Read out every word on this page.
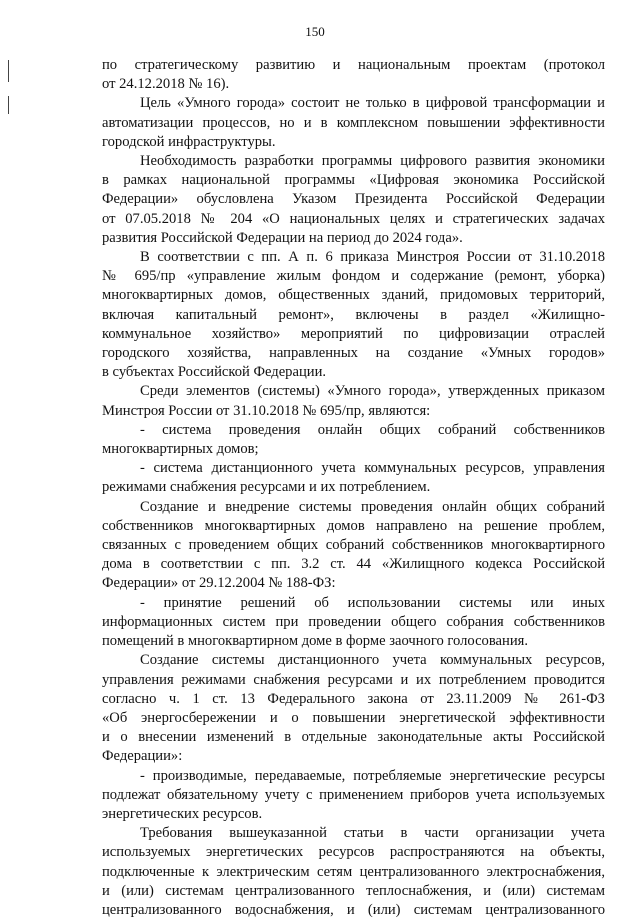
150
по стратегическому развитию и национальным проектам (протокол
от 24.12.2018 № 16).
Цель «Умного города» состоит не только в цифровой трансформации и
автоматизации процессов, но и в комплексном повышении эффективности
городской инфраструктуры.
Необходимость разработки программы цифрового развития экономики
в рамках национальной программы «Цифровая экономика Российской
Федерации» обусловлена Указом Президента Российской Федерации
от 07.05.2018 № 204 «О национальных целях и стратегических задачах
развития Российской Федерации на период до 2024 года».
В соответствии с пп. А п. 6 приказа Минстроя России от 31.10.2018
№ 695/пр «управление жилым фондом и содержание (ремонт, уборка)
многоквартирных домов, общественных зданий, придомовых территорий,
включая капитальный ремонт», включены в раздел «Жилищно-
коммунальное хозяйство» мероприятий по цифровизации отраслей
городского хозяйства, направленных на создание «Умных городов»
в субъектах Российской Федерации.
Среди элементов (системы) «Умного города», утвержденных приказом
Минстроя России от 31.10.2018 № 695/пр, являются:
- система проведения онлайн общих собраний собственников
многоквартирных домов;
- система дистанционного учета коммунальных ресурсов, управления
режимами снабжения ресурсами и их потреблением.
Создание и внедрение системы проведения онлайн общих собраний
собственников многоквартирных домов направлено на решение проблем,
связанных с проведением общих собраний собственников многоквартирного
дома в соответствии с пп. 3.2 ст. 44 «Жилищного кодекса Российской
Федерации» от 29.12.2004 № 188-ФЗ:
- принятие решений об использовании системы или иных
информационных систем при проведении общего собрания собственников
помещений в многоквартирном доме в форме заочного голосования.
Создание системы дистанционного учета коммунальных ресурсов,
управления режимами снабжения ресурсами и их потреблением проводится
согласно ч. 1 ст. 13 Федерального закона от 23.11.2009 № 261-ФЗ
«Об энергосбережении и о повышении энергетической эффективности
и о внесении изменений в отдельные законодательные акты Российской
Федерации»:
- производимые, передаваемые, потребляемые энергетические ресурсы
подлежат обязательному учету с применением приборов учета используемых
энергетических ресурсов.
Требования вышеуказанной статьи в части организации учета
используемых энергетических ресурсов распространяются на объекты,
подключенные к электрическим сетям централизованного электроснабжения,
и (или) системам централизованного теплоснабжения, и (или) системам
централизованного водоснабжения, и (или) системам централизованного
